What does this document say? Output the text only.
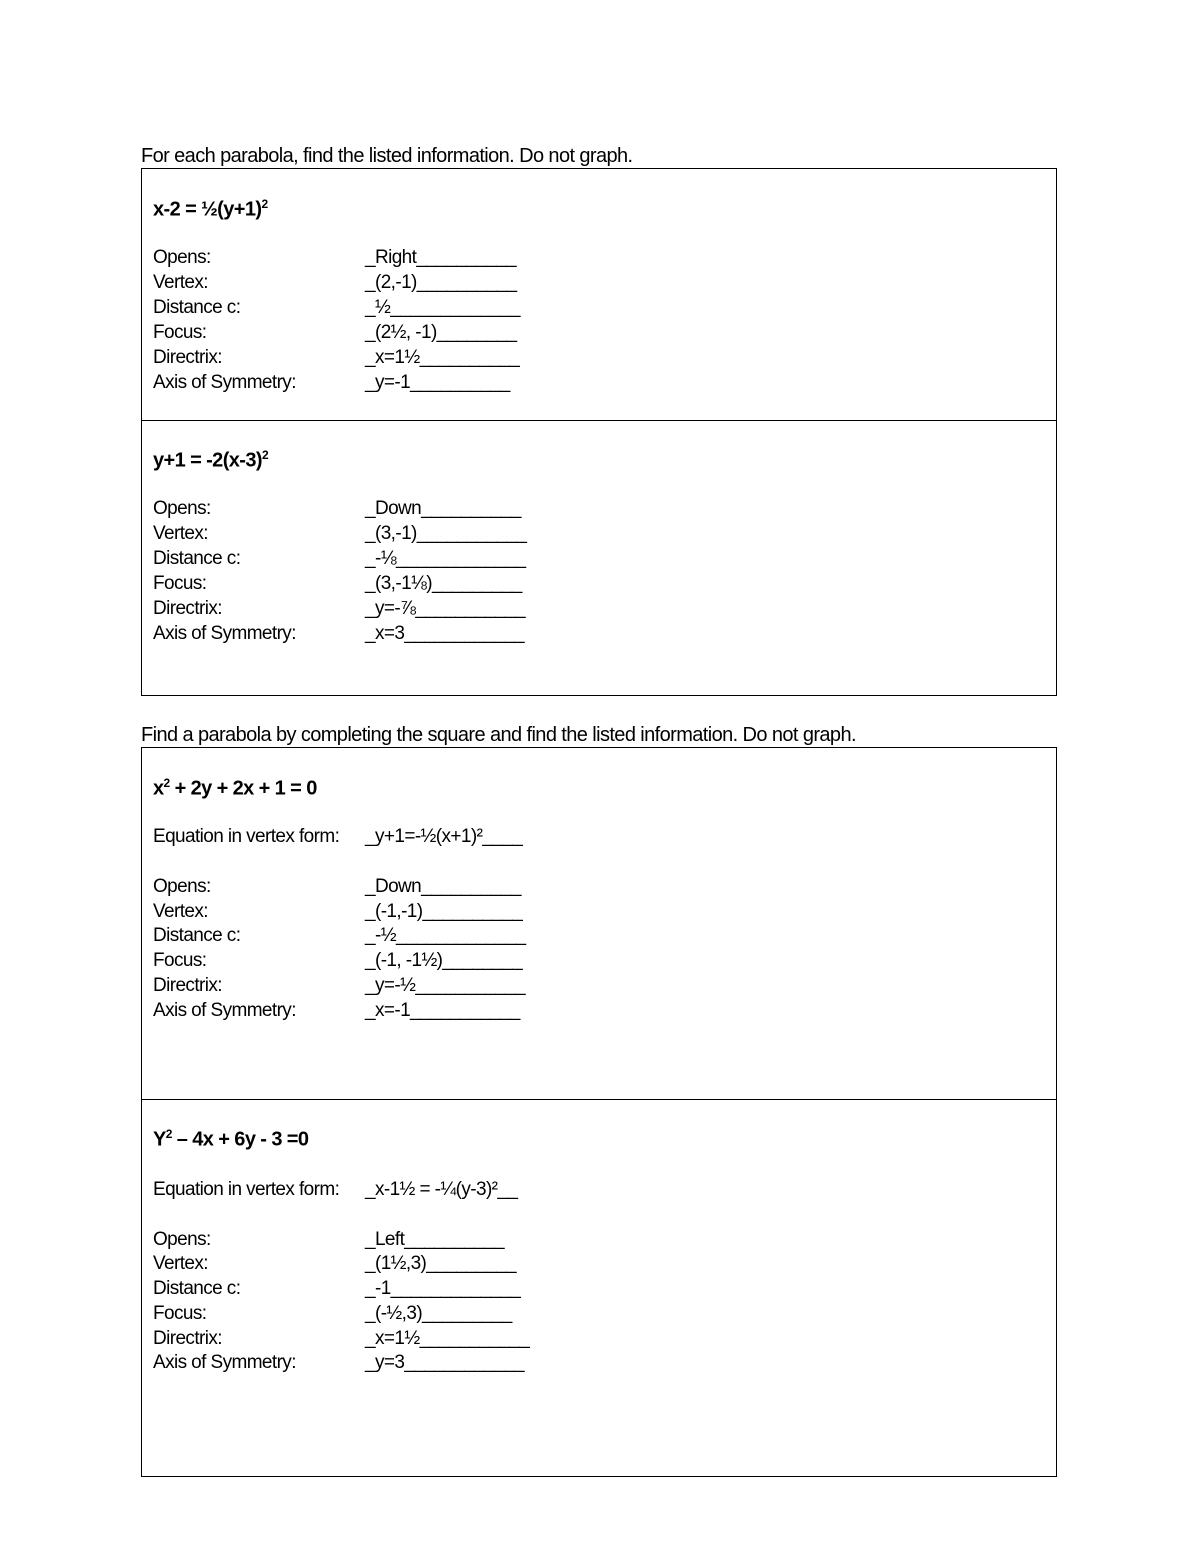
For each parabola, find the listed information. Do not graph.
$x-2 = \frac{1}{2}(y+1)^2$
Opens:	_Right__________
Vertex:	_(2,-1)__________
Distance c:	_½_____________
Focus:	_(2½, -1)________
Directrix:	_x=1½__________
Axis of Symmetry:	_y=-1__________
$y+1 = -2(x-3)^2$
Opens:	_Down__________
Vertex:	_(3,-1)___________
Distance c:	_-⅛_____________
Focus:	_(3,-1⅛)_________
Directrix:	_y=-⅞___________
Axis of Symmetry:	_x=3____________
Find a parabola by completing the square and find the listed information. Do not graph.
$x^2 + 2y + 2x + 1 = 0$
Equation in vertex form: _y+1=-½(x+1)²____
Opens:	_Down__________
Vertex:	_(-1,-1)__________
Distance c:	_-½_____________
Focus:	_(-1, -1½)________
Directrix:	_y=-½___________
Axis of Symmetry:	_x=-1___________
$Y^2 - 4x + 6y - 3 =0$
Equation in vertex form: _x-1½ = -¼(y-3)²__
Opens:	_Left__________
Vertex:	_(1½,3)_________
Distance c:	_-1_____________
Focus:	_(-½,3)_________
Directrix:	_x=1½___________
Axis of Symmetry:	_y=3____________
